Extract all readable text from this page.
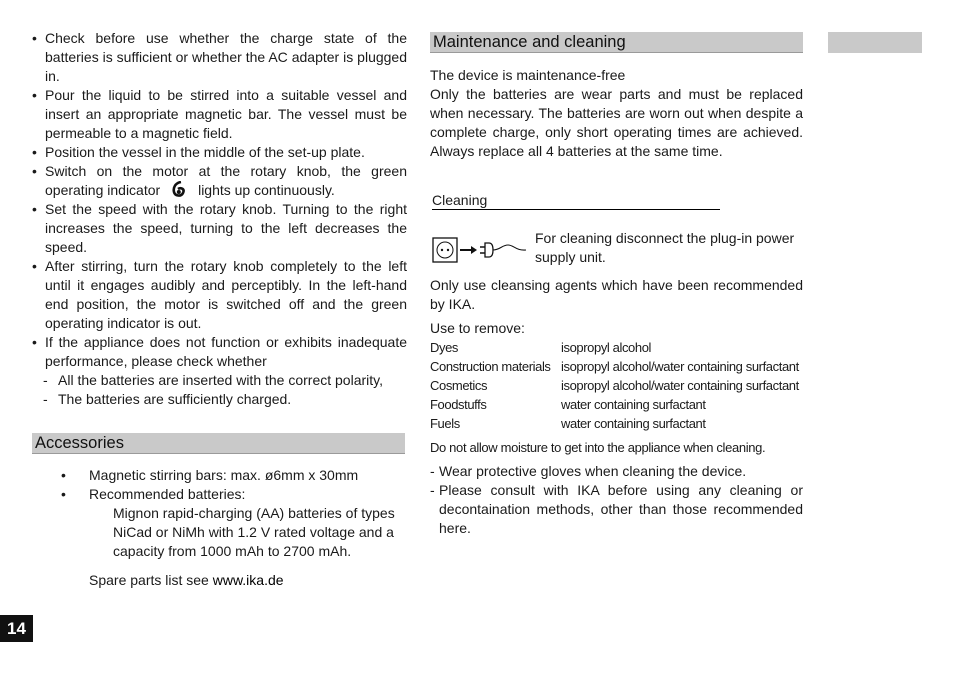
• Check before use whether the charge state of the batteries is sufficient or whether the AC adapter is plugged in.
• Pour the liquid to be stirred into a suitable vessel and insert an appropriate magnetic bar. The vessel must be permeable to a magnetic field.
• Position the vessel in the middle of the set-up plate.
• Switch on the motor at the rotary knob, the green operating indicator	lights up continuously.
• Set the speed with the rotary knob. Turning to the right increases the speed, turning to the left decreases the speed.
• After stirring, turn the rotary knob completely to the left until it engages audibly and perceptibly. In the left-hand end position, the motor is switched off and the green operating indicator is out.
• If the appliance does not function or exhibits inadequate performance, please check whether
- All the batteries are inserted with the correct polarity,
- The batteries are sufficiently charged.
Accessories
• Magnetic stirring bars: max. ø6mm x 30mm
• Recommended batteries:
Mignon rapid-charging (AA) batteries of types NiCad or NiMh with 1.2 V rated voltage and a capacity from 1000 mAh to 2700 mAh.
Spare parts list see www.ika.de
Maintenance and cleaning
The device is maintenance-free
Only the batteries are wear parts and must be replaced when necessary. The batteries are worn out when despite a complete charge, only short operating times are achieved. Always replace all 4 batteries at the same time.
Cleaning
For cleaning disconnect the plug-in power supply unit.
Only use cleansing agents which have been recommended by IKA.
Use to remove:
Dyes	isopropyl alcohol
Construction materials	isopropyl alcohol/water containing surfactant
Cosmetics	isopropyl alcohol/water containing surfactant
Foodstuffs	water containing surfactant
Fuels	water containing surfactant
Do not allow moisture to get into the appliance when cleaning.
- Wear protective gloves when cleaning the device.
- Please consult with IKA before using any cleaning or decontaination methods, other than those recommended here.
14
